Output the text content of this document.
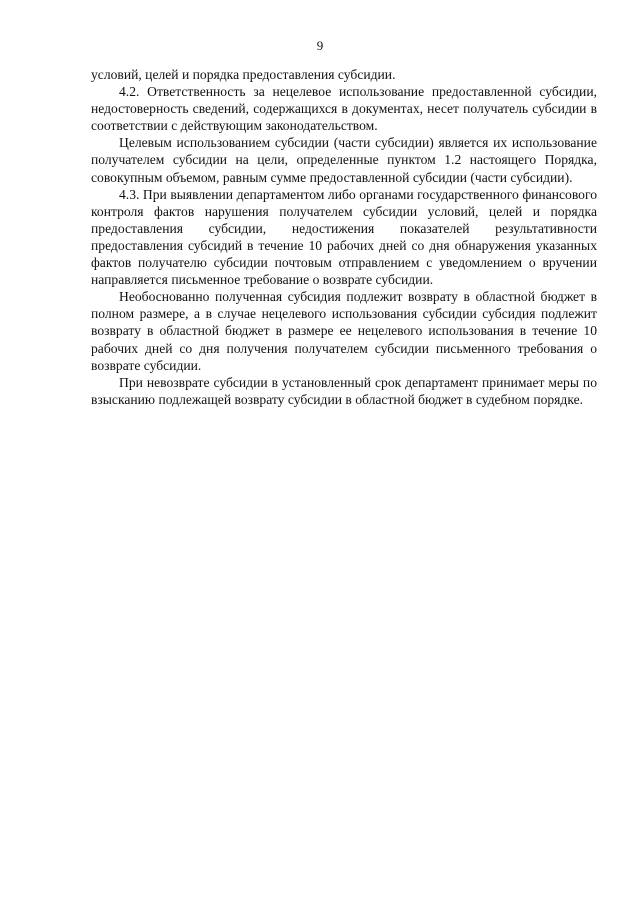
9

условий, целей и порядка предоставления субсидии.

4.2. Ответственность за нецелевое использование предоставленной субсидии, недостоверность сведений, содержащихся в документах, несет получатель субсидии в соответствии с действующим законодательством.

Целевым использованием субсидии (части субсидии) является их использование получателем субсидии на цели, определенные пунктом 1.2 настоящего Порядка, совокупным объемом, равным сумме предоставленной субсидии (части субсидии).

4.3. При выявлении департаментом либо органами государственного финансового контроля фактов нарушения получателем субсидии условий, целей и порядка предоставления субсидии, недостижения показателей результативности предоставления субсидий в течение 10 рабочих дней со дня обнаружения указанных фактов получателю субсидии почтовым отправлением с уведомлением о вручении направляется письменное требование о возврате субсидии.

Необоснованно полученная субсидия подлежит возврату в областной бюджет в полном размере, а в случае нецелевого использования субсидии субсидия подлежит возврату в областной бюджет в размере ее нецелевого использования в течение 10 рабочих дней со дня получения получателем субсидии письменного требования о возврате субсидии.

При невозврате субсидии в установленный срок департамент принимает меры по взысканию подлежащей возврату субсидии в областной бюджет в судебном порядке.
